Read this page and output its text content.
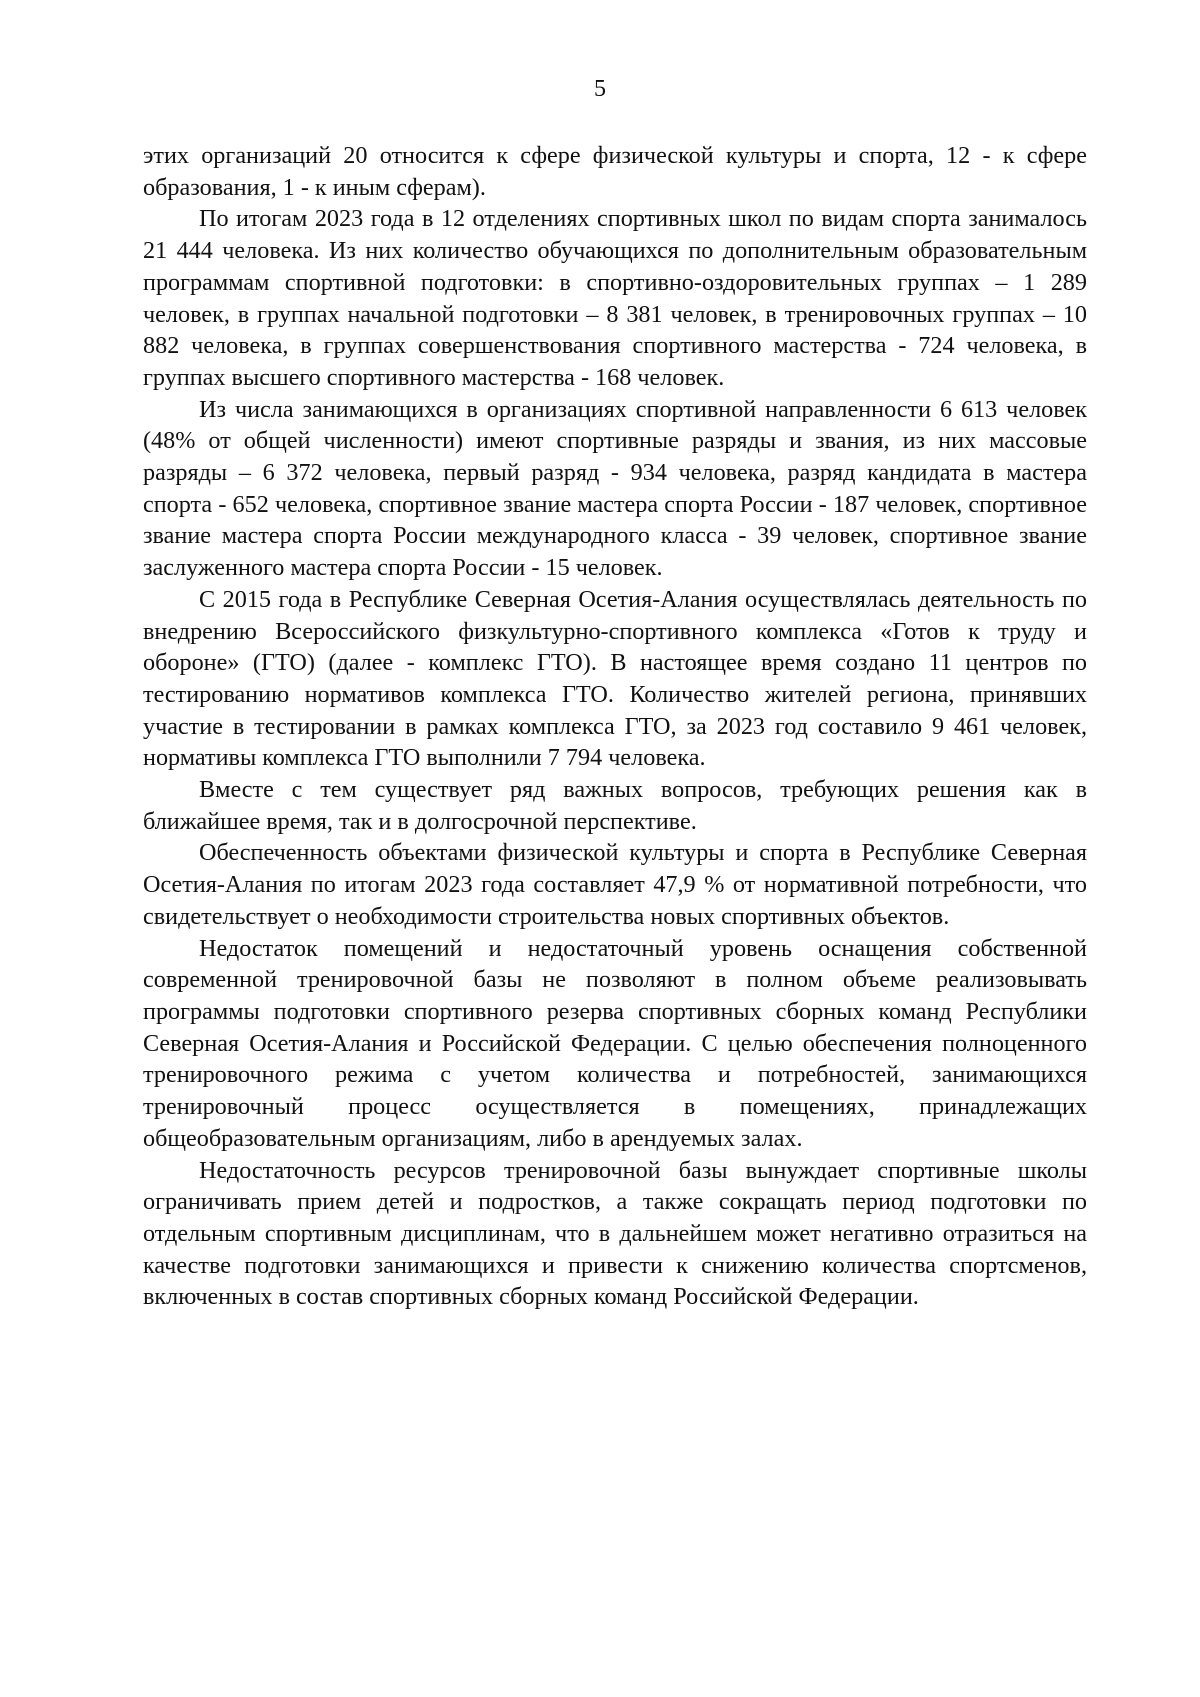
5

этих организаций 20 относится к сфере физической культуры и спорта, 12 - к сфере образования, 1 - к иным сферам).

По итогам 2023 года в 12 отделениях спортивных школ по видам спорта занималось 21 444 человека. Из них количество обучающихся по дополнительным образовательным программам спортивной подготовки: в спортивно-оздоровительных группах – 1 289 человек, в группах начальной подготовки – 8 381 человек, в тренировочных группах – 10 882 человека, в группах совершенствования спортивного мастерства - 724 человека, в группах высшего спортивного мастерства - 168 человек.

Из числа занимающихся в организациях спортивной направленности 6 613 человек (48% от общей численности) имеют спортивные разряды и звания, из них массовые разряды – 6 372 человека, первый разряд - 934 человека, разряд кандидата в мастера спорта - 652 человека, спортивное звание мастера спорта России - 187 человек, спортивное звание мастера спорта России международного класса - 39 человек, спортивное звание заслуженного мастера спорта России - 15 человек.

С 2015 года в Республике Северная Осетия-Алания осуществлялась деятельность по внедрению Всероссийского физкультурно-спортивного комплекса «Готов к труду и обороне» (ГТО) (далее - комплекс ГТО). В настоящее время создано 11 центров по тестированию нормативов комплекса ГТО. Количество жителей региона, принявших участие в тестировании в рамках комплекса ГТО, за 2023 год составило 9 461 человек, нормативы комплекса ГТО выполнили 7 794 человека.

Вместе с тем существует ряд важных вопросов, требующих решения как в ближайшее время, так и в долгосрочной перспективе.

Обеспеченность объектами физической культуры и спорта в Республике Северная Осетия-Алания по итогам 2023 года составляет 47,9 % от нормативной потребности, что свидетельствует о необходимости строительства новых спортивных объектов.

Недостаток помещений и недостаточный уровень оснащения собственной современной тренировочной базы не позволяют в полном объеме реализовывать программы подготовки спортивного резерва спортивных сборных команд Республики Северная Осетия-Алания и Российской Федерации. С целью обеспечения полноценного тренировочного режима с учетом количества и потребностей, занимающихся тренировочный процесс осуществляется в помещениях, принадлежащих общеобразовательным организациям, либо в арендуемых залах.

Недостаточность ресурсов тренировочной базы вынуждает спортивные школы ограничивать прием детей и подростков, а также сокращать период подготовки по отдельным спортивным дисциплинам, что в дальнейшем может негативно отразиться на качестве подготовки занимающихся и привести к снижению количества спортсменов, включенных в состав спортивных сборных команд Российской Федерации.
